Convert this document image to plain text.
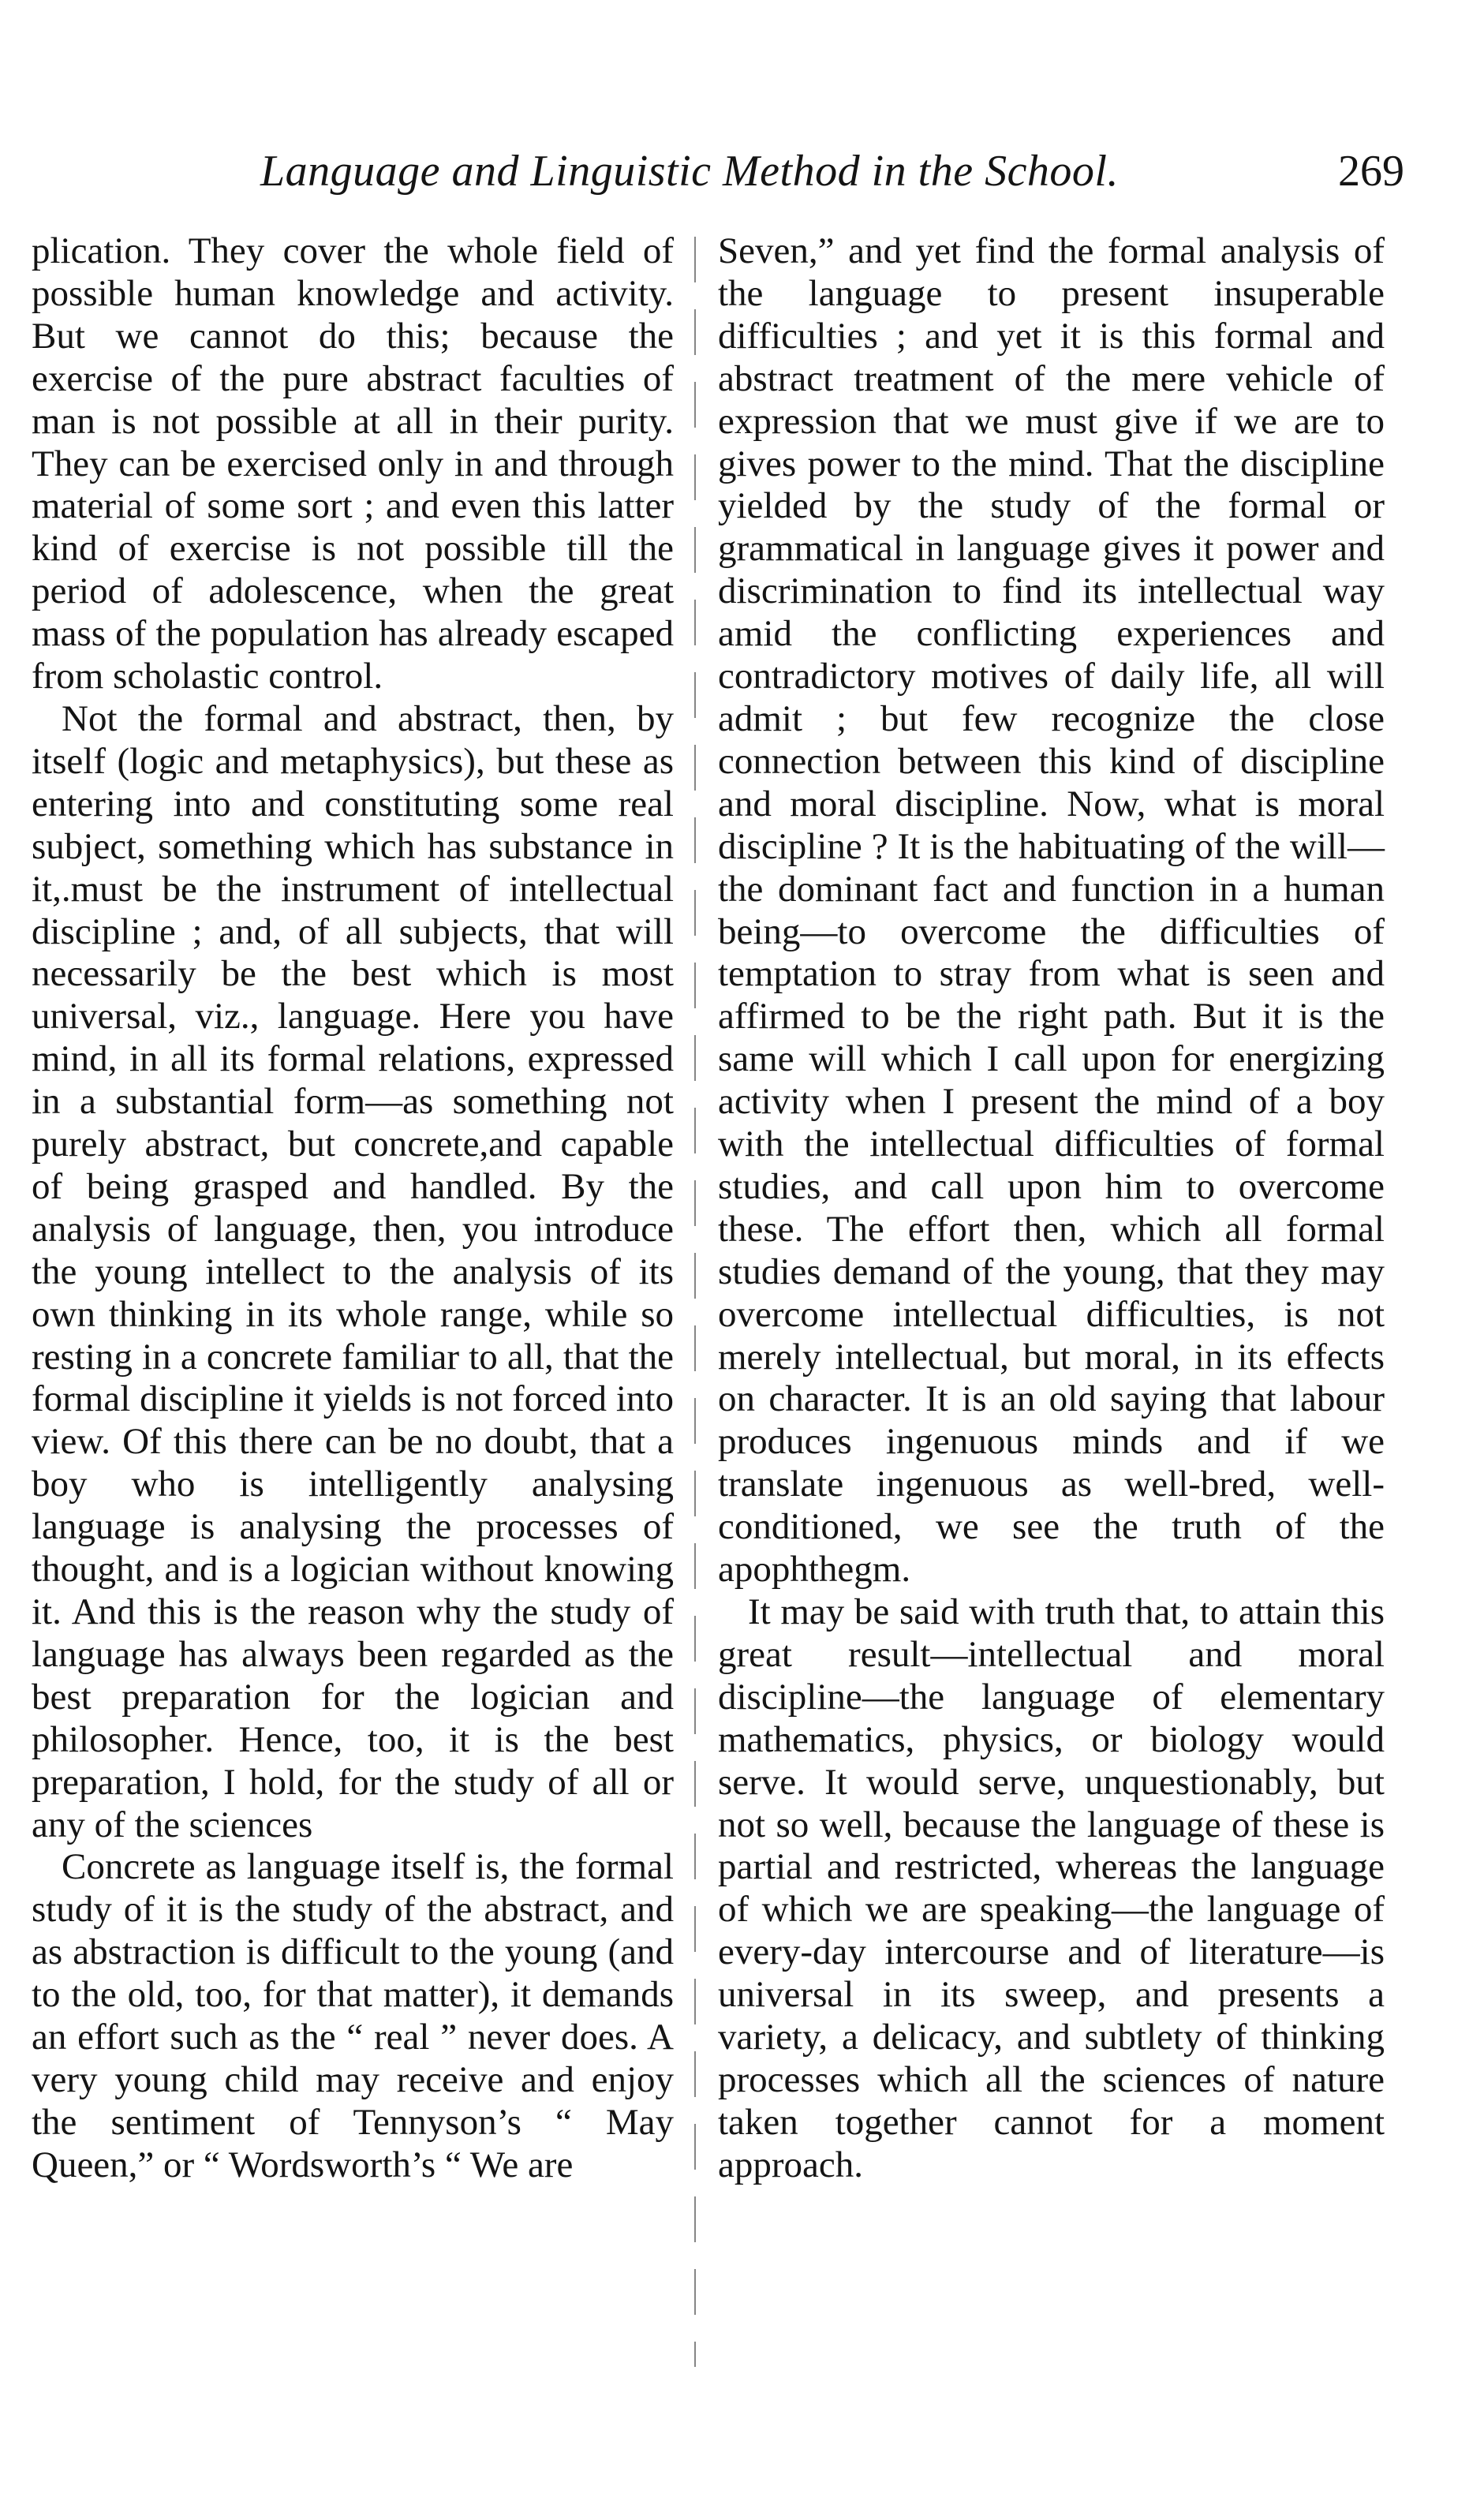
Language and Linguistic Method in the School.	269

plication. They cover the whole field of possible human knowledge and activity. But we cannot do this; because the exercise of the pure abstract faculties of man is not possible at all in their purity. They can be exercised only in and through material of some sort ; and even this latter kind of exercise is not possible till the period of adolescence, when the great mass of the population has already escaped from scholastic control.

Not the formal and abstract, then, by itself (logic and metaphysics), but these as entering into and constituting some real subject, something which has substance in it,.must be the instrument of intellectual discipline ; and, of all subjects, that will necessarily be the best which is most universal, viz., language. Here you have mind, in all its formal relations, expressed in a substantial form—as something not purely abstract, but concrete,and capable of being grasped and handled. By the analysis of language, then, you introduce the young intellect to the analysis of its own thinking in its whole range, while so resting in a concrete familiar to all, that the formal discipline it yields is not forced into view. Of this there can be no doubt, that a boy who is intelligently analysing language is analysing the processes of thought, and is a logician without knowing it. And this is the reason why the study of language has always been regarded as the best preparation for the logician and philosopher. Hence, too, it is the best preparation, I hold, for the study of all or any of the sciences

Concrete as language itself is, the formal study of it is the study of the abstract, and as abstraction is difficult to the young (and to the old, too, for that matter), it demands an effort such as the “ real ” never does. A very young child may receive and enjoy the sentiment of Tennyson’s “ May Queen,” or “ Wordsworth’s “ We are

Seven,” and yet find the formal analysis of the language to present insuperable difficulties ; and yet it is this formal and abstract treatment of the mere vehicle of expression that we must give if we are to gives power to the mind. That the discipline yielded by the study of the formal or grammatical in language gives it power and discrimination to find its intellectual way amid the conflicting experiences and contradictory motives of daily life, all will admit ; but few recognize the close connection between this kind of discipline and moral discipline. Now, what is moral discipline ? It is the habituating of the will—the dominant fact and function in a human being—to overcome the difficulties of temptation to stray from what is seen and affirmed to be the right path. But it is the same will which I call upon for energizing activity when I present the mind of a boy with the intellectual difficulties of formal studies, and call upon him to overcome these. The effort then, which all formal studies demand of the young, that they may overcome intellectual difficulties, is not merely intellectual, but moral, in its effects on character. It is an old saying that labour produces ingenuous minds and if we translate ingenuous as well-bred, well-conditioned, we see the truth of the apophthegm.

It may be said with truth that, to attain this great result—intellectual and moral discipline—the language of elementary mathematics, physics, or biology would serve. It would serve, unquestionably, but not so well, because the language of these is partial and restricted, whereas the language of which we are speaking—the language of every-day intercourse and of literature—is universal in its sweep, and presents a variety, a delicacy, and subtlety of thinking processes which all the sciences of nature taken together cannot for a moment approach.
